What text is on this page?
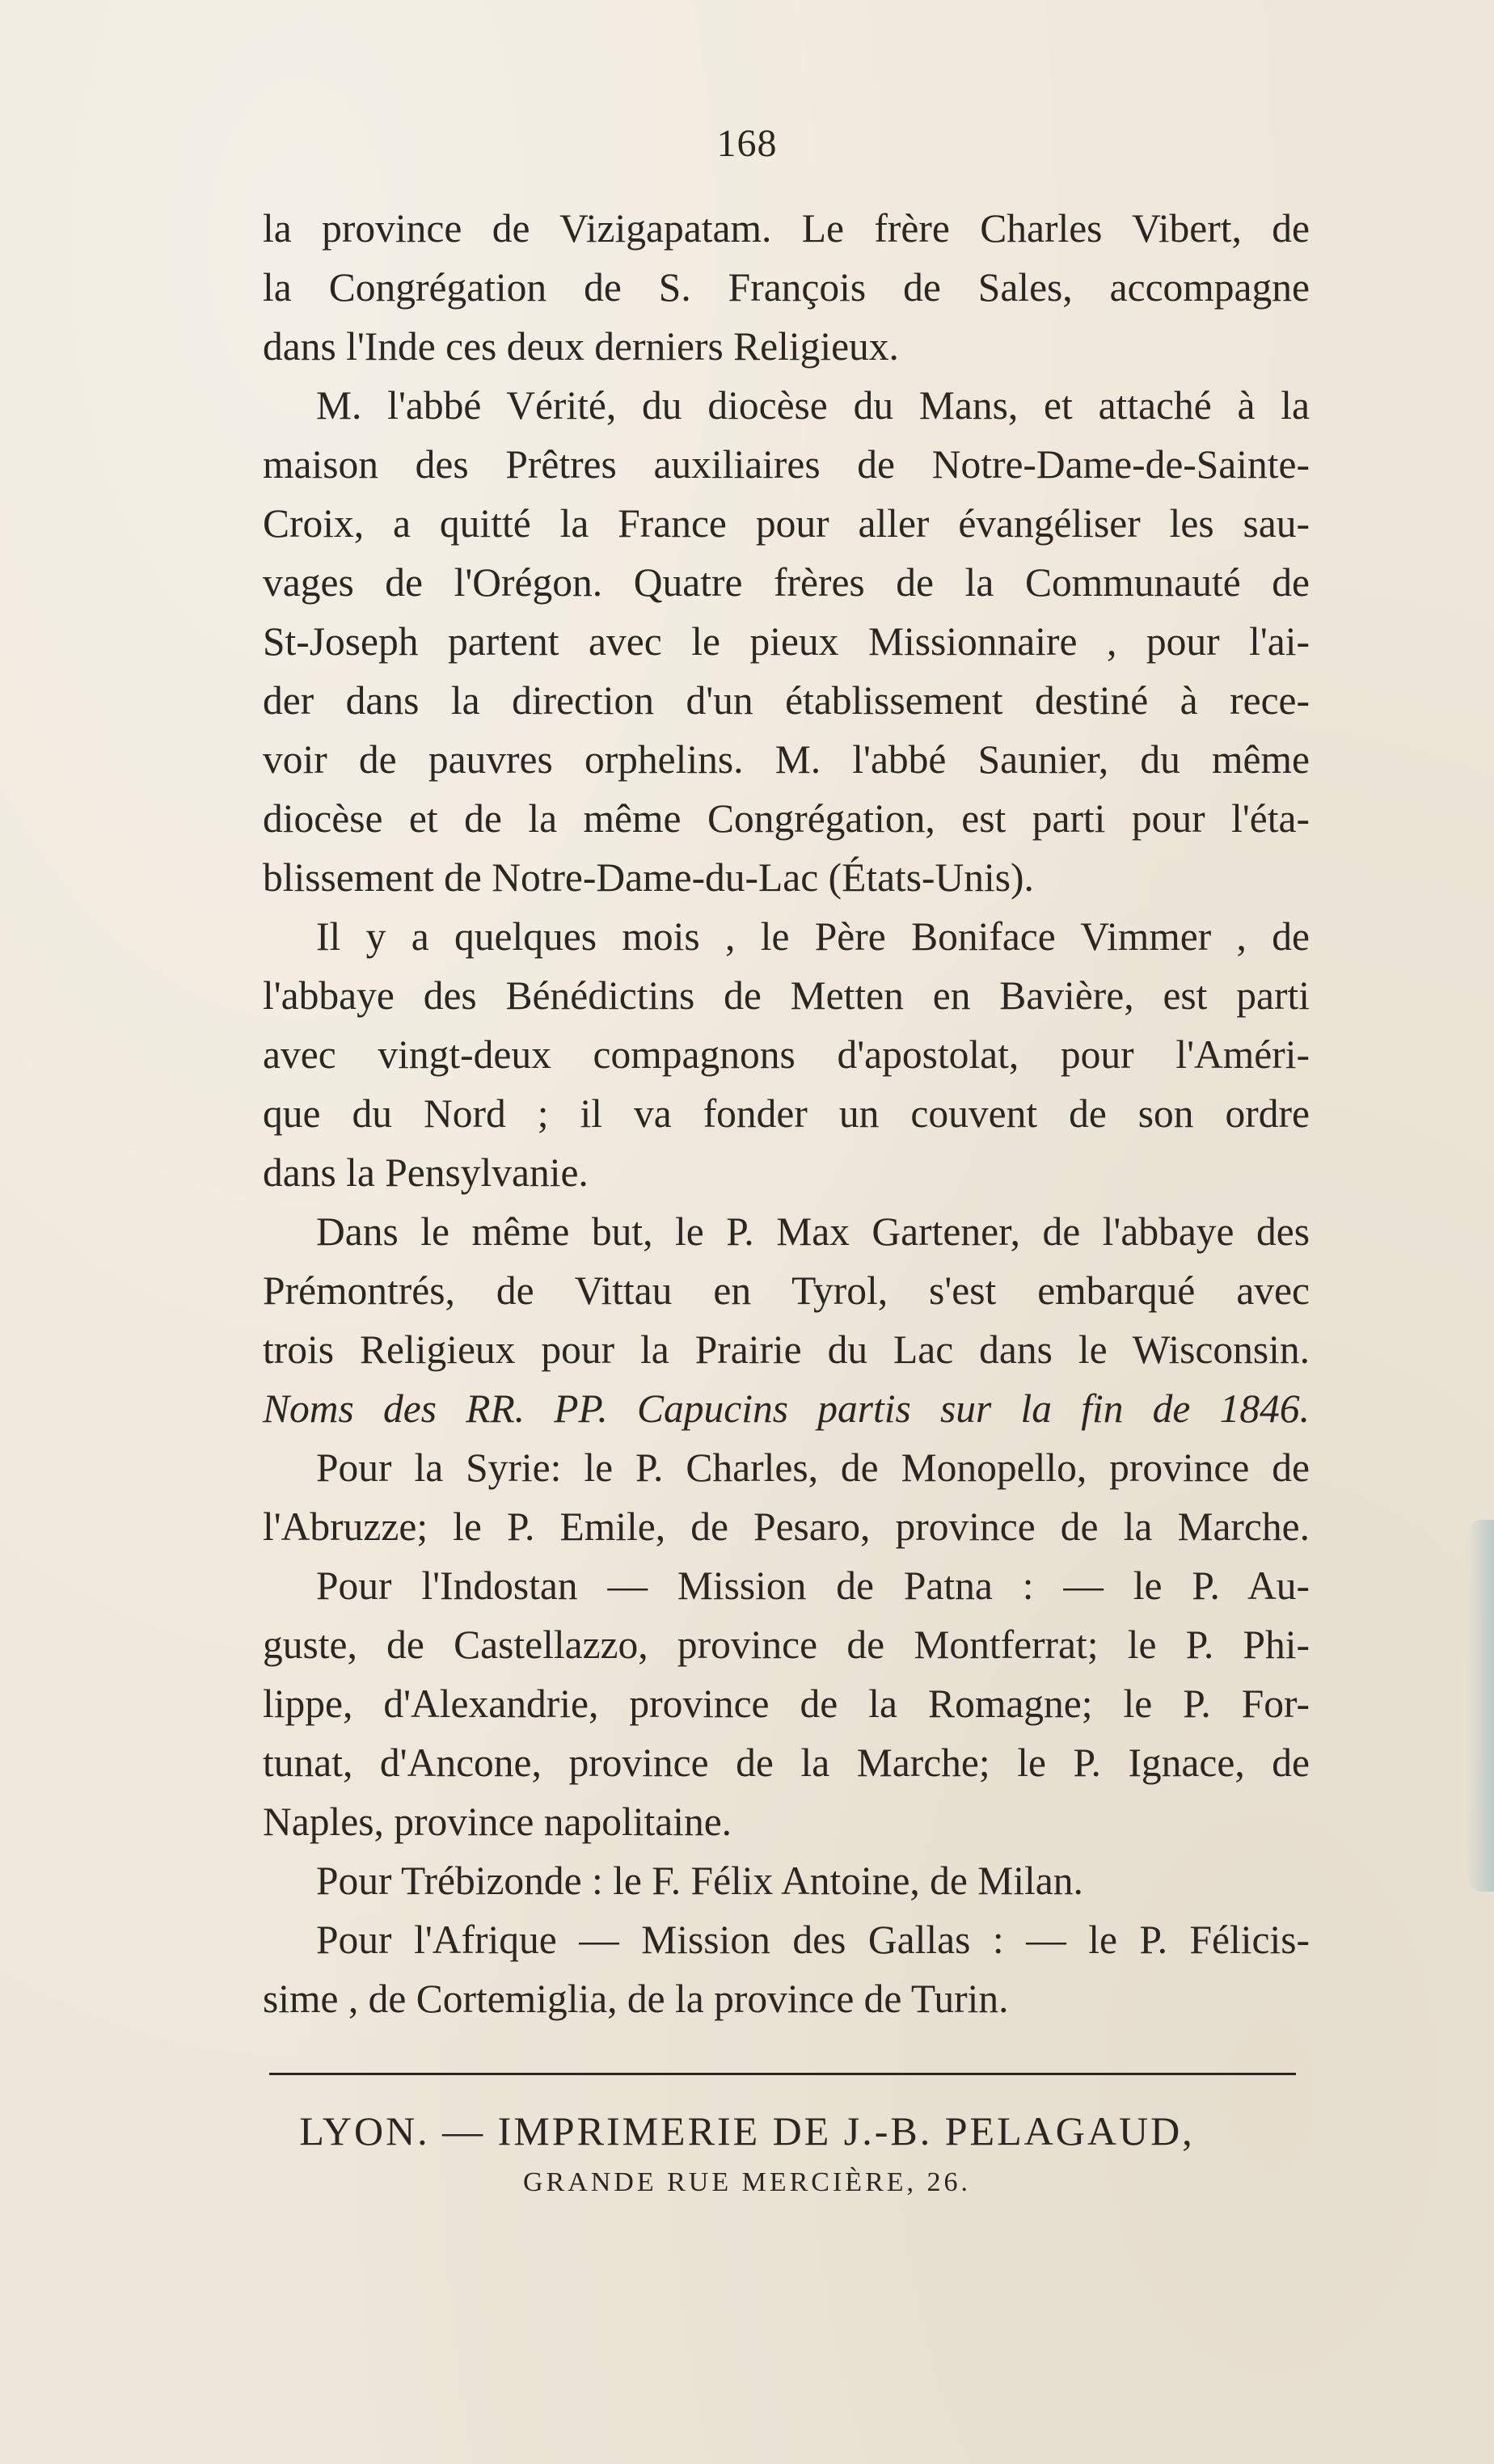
168
la province de Vizigapatam. Le frère Charles Vibert, de
la Congrégation de S. François de Sales, accompagne
dans l'Inde ces deux derniers Religieux.
M. l'abbé Vérité, du diocèse du Mans, et attaché à la
maison des Prêtres auxiliaires de Notre-Dame-de-Sainte-
Croix, a quitté la France pour aller évangéliser les sau-
vages de l'Orégon. Quatre frères de la Communauté de
St-Joseph partent avec le pieux Missionnaire , pour l'ai-
der dans la direction d'un établissement destiné à rece-
voir de pauvres orphelins. M. l'abbé Saunier, du même
diocèse et de la même Congrégation, est parti pour l'éta-
blissement de Notre-Dame-du-Lac (États-Unis).
Il y a quelques mois , le Père Boniface Vimmer , de
l'abbaye des Bénédictins de Metten en Bavière, est parti
avec vingt-deux compagnons d'apostolat, pour l'Améri-
que du Nord ; il va fonder un couvent de son ordre
dans la Pensylvanie.
Dans le même but, le P. Max Gartener, de l'abbaye des
Prémontrés, de Vittau en Tyrol, s'est embarqué avec
trois Religieux pour la Prairie du Lac dans le Wisconsin.
Noms des RR. PP. Capucins partis sur la fin de 1846.
Pour la Syrie: le P. Charles, de Monopello, province de
l'Abruzze; le P. Emile, de Pesaro, province de la Marche.
Pour l'Indostan — Mission de Patna : — le P. Au-
guste, de Castellazzo, province de Montferrat; le P. Phi-
lippe, d'Alexandrie, province de la Romagne; le P. For-
tunat, d'Ancone, province de la Marche; le P. Ignace, de
Naples, province napolitaine.
Pour Trébizonde : le F. Félix Antoine, de Milan.
Pour l'Afrique — Mission des Gallas : — le P. Félicis-
sime , de Cortemiglia, de la province de Turin.
LYON. — IMPRIMERIE DE J.-B. PELAGAUD,
GRANDE RUE MERCIÈRE, 26.
